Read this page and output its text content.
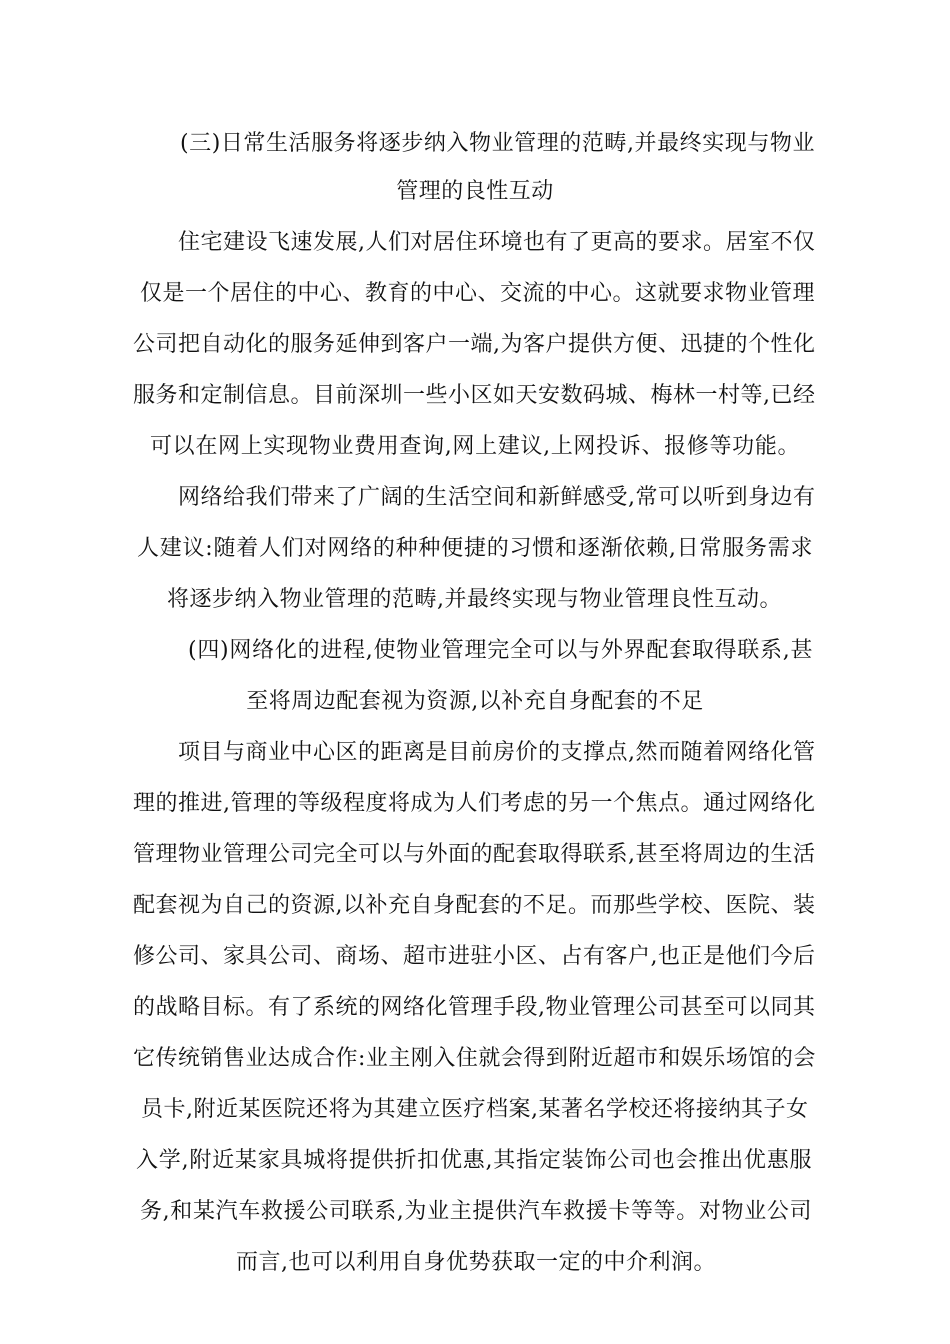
(三)日常生活服务将逐步纳入物业管理的范畴,并最终实现与物业
管理的良性互动
住宅建设飞速发展,人们对居住环境也有了更高的要求。居室不仅
仅是一个居住的中心、教育的中心、交流的中心。这就要求物业管理
公司把自动化的服务延伸到客户一端,为客户提供方便、迅捷的个性化
服务和定制信息。目前深圳一些小区如天安数码城、梅林一村等,已经
可以在网上实现物业费用查询,网上建议,上网投诉、报修等功能。
网络给我们带来了广阔的生活空间和新鲜感受,常可以听到身边有
人建议:随着人们对网络的种种便捷的习惯和逐渐依赖,日常服务需求
将逐步纳入物业管理的范畴,并最终实现与物业管理良性互动。
(四)网络化的进程,使物业管理完全可以与外界配套取得联系,甚
至将周边配套视为资源,以补充自身配套的不足
项目与商业中心区的距离是目前房价的支撑点,然而随着网络化管
理的推进,管理的等级程度将成为人们考虑的另一个焦点。通过网络化
管理物业管理公司完全可以与外面的配套取得联系,甚至将周边的生活
配套视为自己的资源,以补充自身配套的不足。而那些学校、医院、装
修公司、家具公司、商场、超市进驻小区、占有客户,也正是他们今后
的战略目标。有了系统的网络化管理手段,物业管理公司甚至可以同其
它传统销售业达成合作:业主刚入住就会得到附近超市和娱乐场馆的会
员卡,附近某医院还将为其建立医疗档案,某著名学校还将接纳其子女
入学,附近某家具城将提供折扣优惠,其指定装饰公司也会推出优惠服
务,和某汽车救援公司联系,为业主提供汽车救援卡等等。对物业公司
而言,也可以利用自身优势获取一定的中介利润。
